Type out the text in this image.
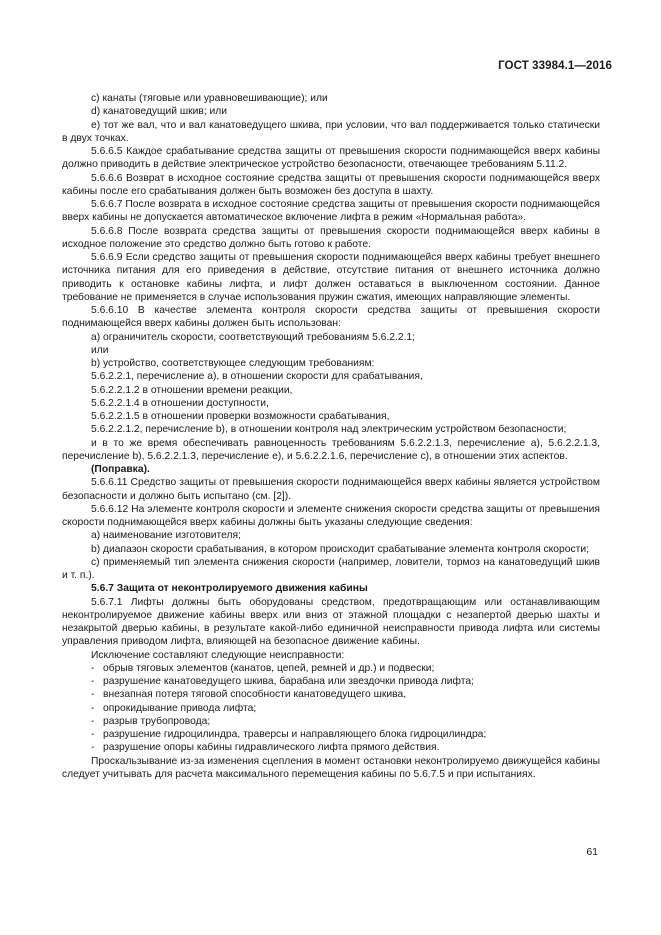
ГОСТ 33984.1—2016

c) канаты (тяговые или уравновешивающие); или

d) канатоведущий шкив; или

e) тот же вал, что и вал канатоведущего шкива, при условии, что вал поддерживается только статически в двух точках.

5.6.6.5 Каждое срабатывание средства защиты от превышения скорости поднимающейся вверх кабины должно приводить в действие электрическое устройство безопасности, отвечающее требованиям 5.11.2.

5.6.6.6 Возврат в исходное состояние средства защиты от превышения скорости поднимающейся вверх кабины после его срабатывания должен быть возможен без доступа в шахту.

5.6.6.7 После возврата в исходное состояние средства защиты от превышения скорости поднимающейся вверх кабины не допускается автоматическое включение лифта в режим «Нормальная работа».

5.6.6.8 После возврата средства защиты от превышения скорости поднимающейся вверх кабины в исходное положение это средство должно быть готово к работе.

5.6.6.9 Если средство защиты от превышения скорости поднимающейся вверх кабины требует внешнего источника питания для его приведения в действие, отсутствие питания от внешнего источника должно приводить к остановке кабины лифта, и лифт должен оставаться в выключенном состоянии. Данное требование не применяется в случае использования пружин сжатия, имеющих направляющие элементы.

5.6.6.10 В качестве элемента контроля скорости средства защиты от превышения скорости поднимающейся вверх кабины должен быть использован:

a) ограничитель скорости, соответствующий требованиям 5.6.2.2.1;

или

b) устройство, соответствующее следующим требованиям:

5.6.2.2.1, перечисление a), в отношении скорости для срабатывания,

5.6.2.2.1.2 в отношении времени реакции,

5.6.2.2.1.4 в отношении доступности,

5.6.2.2.1.5 в отношении проверки возможности срабатывания,

5.6.2.2.1.2, перечисление b), в отношении контроля над электрическим устройством безопасности;

и в то же время обеспечивать равноценность требованиям 5.6.2.2.1.3, перечисление a), 5.6.2.2.1.3, перечисление b), 5.6.2.2.1.3, перечисление e), и 5.6.2.2.1.6, перечисление c), в отношении этих аспектов.

(Поправка).

5.6.6.11 Средство защиты от превышения скорости поднимающейся вверх кабины является устройством безопасности и должно быть испытано (см. [2]).

5.6.6.12 На элементе контроля скорости и элементе снижения скорости средства защиты от превышения скорости поднимающейся вверх кабины должны быть указаны следующие сведения:

a) наименование изготовителя;

b) диапазон скорости срабатывания, в котором происходит срабатывание элемента контроля скорости;

c) применяемый тип элемента снижения скорости (например, ловители, тормоз на канатоведущий шкив и т. п.).

5.6.7 Защита от неконтролируемого движения кабины

5.6.7.1 Лифты должны быть оборудованы средством, предотвращающим или останавливающим неконтролируемое движение кабины вверх или вниз от этажной площадки с незапертой дверью шахты и незакрытой дверью кабины, в результате какой-либо единичной неисправности привода лифта или системы управления приводом лифта, влияющей на безопасное движение кабины.

Исключение составляют следующие неисправности:

- обрыв тяговых элементов (канатов, цепей, ремней и др.) и подвески;

- разрушение канатоведущего шкива, барабана или звездочки привода лифта;

- внезапная потеря тяговой способности канатоведущего шкива,

- опрокидывание привода лифта;

- разрыв трубопровода;

- разрушение гидроцилиндра, траверсы и направляющего блока гидроцилиндра;

- разрушение опоры кабины гидравлического лифта прямого действия.

Проскальзывание из-за изменения сцепления в момент остановки неконтролируемо движущейся кабины следует учитывать для расчета максимального перемещения кабины по 5.6.7.5 и при испытаниях.

61
